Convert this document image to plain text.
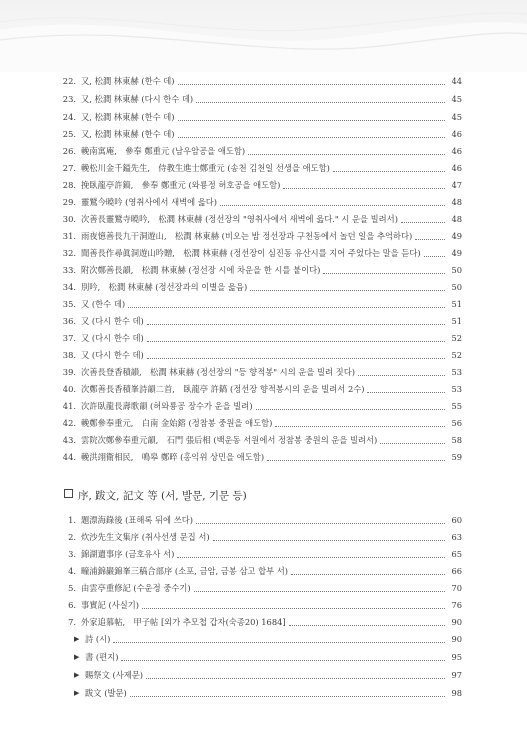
22. 又, 松澗 林東赫 (한수 데)	44
23. 又, 松澗 林東赫 (다시 한수 데)	45
24. 又, 松澗 林東赫 (한수 데)	45
25. 又, 松澗 林東赫 (한수 데)	46
26. 輓南寓庵,　參奉 鄭重元 (남우암공을 애도함)	46
27. 輓松川金千鎰先生,　侍教生進士鄭重元 (송천 김천일 선생을 애도함)	46
28. 挽臥龍亭許鎬,　參奉 鄭重元 (와룡정 허호공을 애도함)	47
29. 靈鷲今曉吟 (영취사에서 새벽에 읊다)	48
30. 次善長靈鷲寺曉吟,　松澗 林東赫 (정선장의 "영취사에서 새벽에 읊다." 시 운을 빌려서)	48
31. 雨夜憶善長九干洞遊山,　松澗 林東赫 (비오는 밤 정선장과 구천동에서 놀던 일을 추억하다)	49
32. 聞善長作尋眞洞遊山吟贈,　松澗 林東赫 (정선장이 심진동 유산시를 지어 주었다는 말을 듣다)	49
33. 附次鄭善長韻,　松澗 林東赫 (정선장 시에 차운을 한 시를 붙이다)	50
34. 別吟,　松澗 林東赫 (정선장과의 이별을 읊음)	50
35. 又 (한수 데)	51
36. 又 (다시 한수 데)	51
37. 又 (다시 한수 데)	52
38. 又 (다시 한수 데)	52
39. 次善長登香積韻,　松澗 林東赫 (정선장의 "등 향적봉" 시의 운을 빌려 짓다)	53
40. 次鄭善長香積峯詩韻二首,　臥龍亭 許鎬 (정선장 향적봉시의 운을 빌려서 2수)	53
41. 次許臥龍長壽歌韻 (허와룡공 장수가 운을 빌려)	55
42. 輓鄭參奉重元,　白南 金始鎔 (정참봉 중원을 애도함)	56
43. 雲院次鄭參奉重元韻,　石門 張后相 (백운동 서원에서 정참봉 중원의 운을 빌려서)	58
44. 輓洪翊衛相民,　鳴皋 鄭晬 (홍익위 상민을 애도함)	59
序, 跋文, 記文 等 (서, 발문, 기문 등)
1. 題漂海錄後 (표해록 뒤에 쓰다)	60
2. 炊沙先生文集序 (취사선생 문집 서)	63
3. 錦湖遺事序 (금호유사 서)	65
4. 疃浦錦巖錦峯三稿合部序 (소포, 금암, 금봉 삼고 합부 서)	66
5. 由雲亭重修記 (수운정 중수기)	70
6. 事實記 (사실기)	76
7. 外家追慕帖,　甲子帖 [외가 추모첩 갑자(숙종20) 1684]	90
▶ 詩 (시)	90
▶ 書 (편지)	95
▶ 賜祭文 (사제문)	97
▶ 跋文 (발문)	98
